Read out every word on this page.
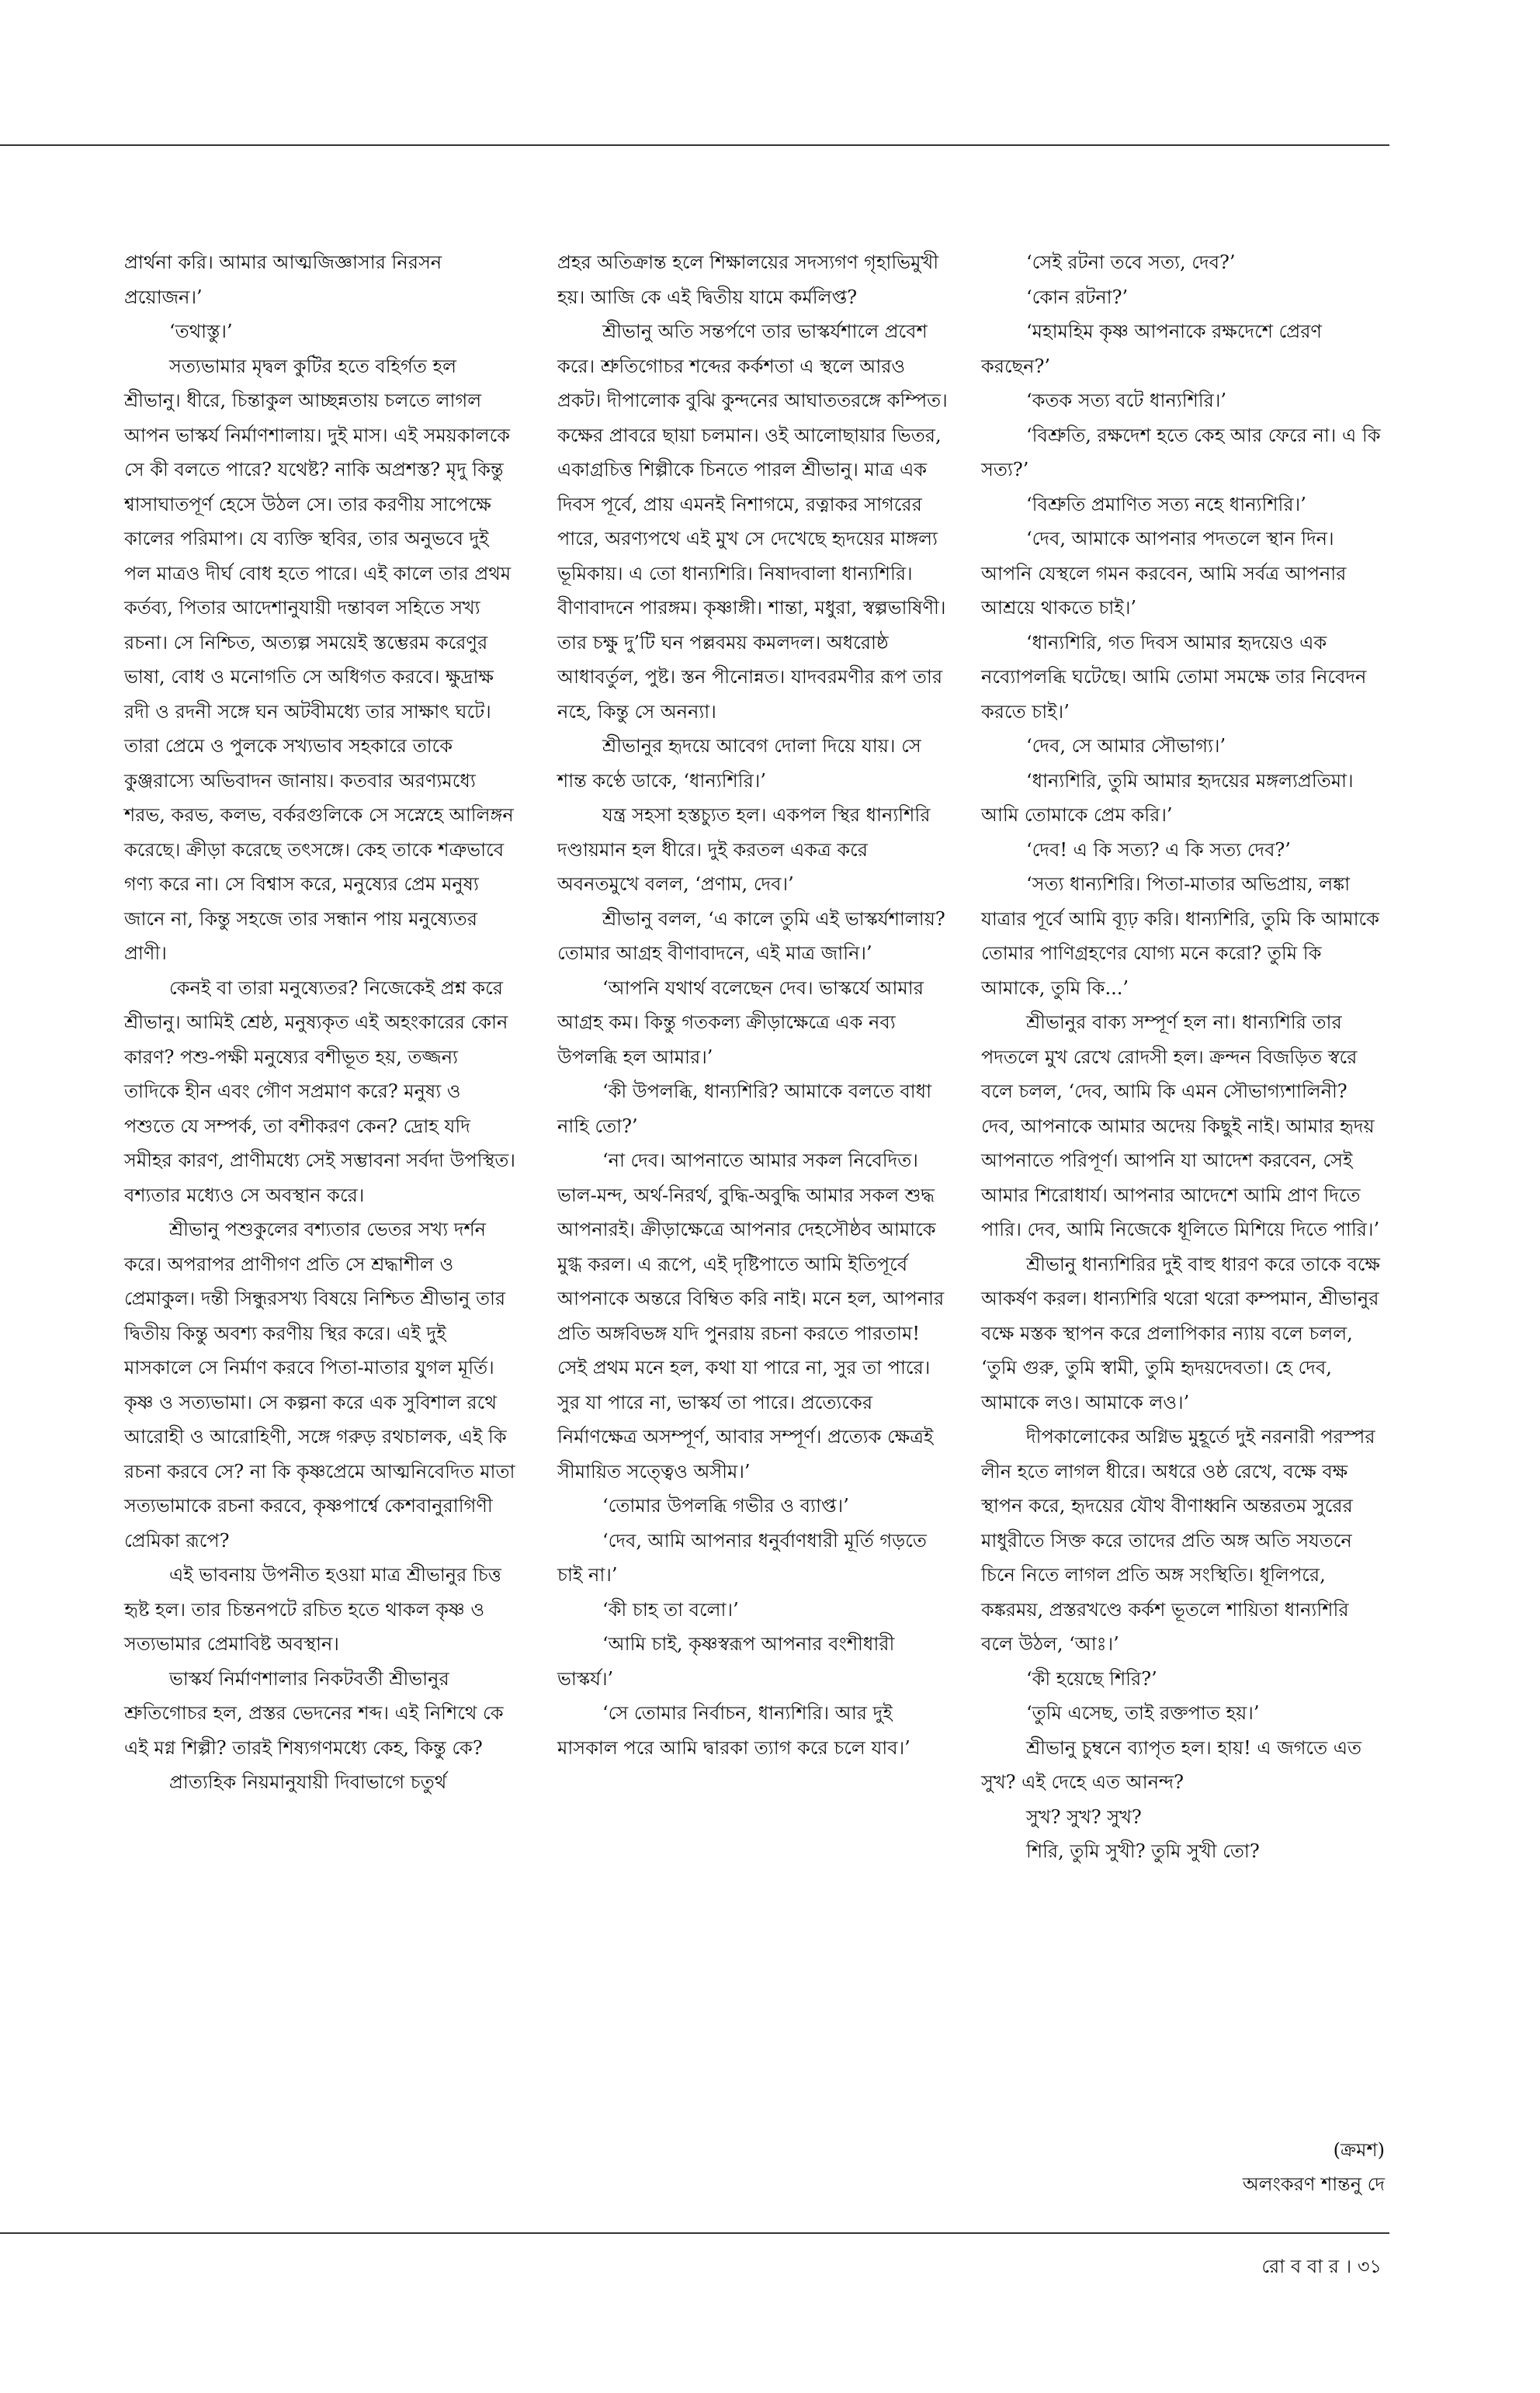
প্রার্থনা করি। আমার আত্মজিজ্ঞাসার নিরসন প্রয়োজন।’

‘তথাস্তু।’

সত্যভামার মৃদ্বল কুটির হতে বহির্গত হল শ্রীভানু। ধীরে, চিন্তাকুল আচ্ছন্নতায় চলতে লাগল আপন ভাস্কর্য নির্মাণশালায়। দুই মাস। এই সময়কালকে সে কী বলতে পারে? যথেষ্ট? নাকি অপ্রশস্ত? মৃদু কিন্তু শ্বাসাঘাতপূর্ণ হেসে উঠল সে। তার করণীয় সাপেক্ষে কালের পরিমাপ। যে ব্যক্তি স্থবির, তার অনুভবে দুই পল মাত্রও দীর্ঘ বোধ হতে পারে। এই কালে তার প্রথম কর্তব্য, পিতার আদেশানুযায়ী দন্তাবল সহিতে সখ্য রচনা। সে নিশ্চিত, অত্যল্প সময়েই স্তম্ভেরম করেণুর ভাষা, বোধ ও মনোগতি সে অধিগত করবে। ক্ষুদ্রাক্ষ রদী ও রদনী সঙ্গে ঘন অটবীমধ্যে তার সাক্ষাৎ ঘটে। তারা প্রেমে ও পুলকে সখ্যভাব সহকারে তাকে কুঞ্জরাস্যে অভিবাদন জানায়। কতবার অরণ্যমধ্যে শরভ, করভ, কলভ, বর্করগুলিকে সে সস্নেহে আলিঙ্গন করেছে। ক্রীড়া করেছে তৎসঙ্গে। কেহ তাকে শত্রুভাবে গণ্য করে না। সে বিশ্বাস করে, মনুষ্যের প্রেম মনুষ্য জানে না, কিন্তু সহজে তার সন্ধান পায় মনুষ্যেতর প্রাণী।

কেনই বা তারা মনুষ্যেতর? নিজেকেই প্রশ্ন করে শ্রীভানু। আমিই শ্রেষ্ঠ, মনুষ্যকৃত এই অহংকারের কোন কারণ? পশু-পক্ষী মনুষ্যের বশীভূত হয়, তজ্জন্য তাদিকে হীন এবং গৌণ সপ্রমাণ করে? মনুষ্য ও পশুতে যে সম্পর্ক, তা বশীকরণ কেন? দ্রোহ যদি সমীহর কারণ, প্রাণীমধ্যে সেই সম্ভাবনা সর্বদা উপস্থিত। বশ্যতার মধ্যেও সে অবস্থান করে।

শ্রীভানু পশুকুলের বশ্যতার ভেতর সখ্য দর্শন করে। অপরাপর প্রাণীগণ প্রতি সে শ্রদ্ধাশীল ও প্রেমাকুল। দন্তী সিন্ধুরসখ্য বিষয়ে নিশ্চিত শ্রীভানু তার দ্বিতীয় কিন্তু অবশ্য করণীয় স্থির করে। এই দুই মাসকালে সে নির্মাণ করবে পিতা-মাতার যুগল মূর্তি। কৃষ্ণ ও সত্যভামা। সে কল্পনা করে এক সুবিশাল রথে আরোহী ও আরোহিণী, সঙ্গে গরুড় রথচালক, এই কি রচনা করবে সে? না কি কৃষ্ণপ্রেমে আত্মনিবেদিত মাতা সত্যভামাকে রচনা করবে, কৃষ্ণপার্শ্বে কেশবানুরাগিণী প্রেমিকা রূপে?

এই ভাবনায় উপনীত হওয়া মাত্র শ্রীভানুর চিত্ত হৃষ্ট হল। তার চিন্তনপটে রচিত হতে থাকল কৃষ্ণ ও সত্যভামার প্রেমাবিষ্ট অবস্থান।

ভাস্কর্য নির্মাণশালার নিকটবর্তী শ্রীভানুর শ্রুতিগোচর হল, প্রস্তর ভেদনের শব্দ। এই নিশিথে কে এই মগ্ন শিল্পী? তারই শিষ্যগণমধ্যে কেহ, কিন্তু কে?

প্রাত্যহিক নিয়মানুযায়ী দিবাভাগে চতুর্থ

প্রহর অতিক্রান্ত হলে শিক্ষালয়ের সদস্যগণ গৃহাভিমুখী হয়। আজি কে এই দ্বিতীয় যামে কর্মলিপ্ত?

শ্রীভানু অতি সন্তর্পণে তার ভাস্কর্যশালে প্রবেশ করে। শ্রুতিগোচর শব্দের কর্কশতা এ স্থলে আরও প্রকট। দীপালোক বুঝি কুন্দনের আঘাততরঙ্গে কম্পিত। কক্ষের প্রাবরে ছায়া চলমান। ওই আলোছায়ার ভিতর, একাগ্রচিত্ত শিল্পীকে চিনতে পারল শ্রীভানু। মাত্র এক দিবস পূর্বে, প্রায় এমনই নিশাগমে, রত্নাকর সাগরের পারে, অরণ্যপথে এই মুখ সে দেখেছে হৃদয়ের মাঙ্গল্য ভূমিকায়। এ তো ধান্যশিরি। নিষাদবালা ধান্যশিরি। বীণাবাদনে পারঙ্গম। কৃষ্ণাঙ্গী। শান্তা, মধুরা, স্বল্পভাষিণী। তার চক্ষু দু’টি ঘন পল্লবময় কমলদল। অধরোষ্ঠ আধাবর্তুল, পুষ্ট। স্তন পীনোন্নত। যাদবরমণীর রূপ তার নহে, কিন্তু সে অনন্যা।

শ্রীভানুর হৃদয়ে আবেগ দোলা দিয়ে যায়। সে শান্ত কণ্ঠে ডাকে, ‘ধান্যশিরি।’

যন্ত্র সহসা হস্তচ্যুত হল। একপল স্থির ধান্যশিরি দণ্ডায়মান হল ধীরে। দুই করতল একত্র করে অবনতমুখে বলল, ‘প্রণাম, দেব।’

শ্রীভানু বলল, ‘এ কালে তুমি এই ভাস্কর্যশালায়? তোমার আগ্রহ বীণাবাদনে, এই মাত্র জানি।’

‘আপনি যথার্থ বলেছেন দেব। ভাস্কর্যে আমার আগ্রহ কম। কিন্তু গতকল্য ক্রীড়াক্ষেত্রে এক নব্য উপলব্ধি হল আমার।’

‘কী উপলব্ধি, ধান্যশিরি? আমাকে বলতে বাধা নাহি তো?’

‘না দেব। আপনাতে আমার সকল নিবেদিত। ভাল-মন্দ, অর্থ-নিরর্থ, বুদ্ধি-অবুদ্ধি আমার সকল শুদ্ধ আপনারই। ক্রীড়াক্ষেত্রে আপনার দেহসৌষ্ঠব আমাকে মুগ্ধ করল। এ রূপে, এই দৃষ্টিপাতে আমি ইতিপূর্বে আপনাকে অন্তরে বিম্বিত করি নাই। মনে হল, আপনার প্রতি অঙ্গবিভঙ্গ যদি পুনরায় রচনা করতে পারতাম! সেই প্রথম মনে হল, কথা যা পারে না, সুর তা পারে। সুর যা পারে না, ভাস্কর্য তা পারে। প্রত্যেকের নির্মাণক্ষেত্র অসম্পূর্ণ, আবার সম্পূর্ণ। প্রত্যেক ক্ষেত্রই সীমায়িত সত্ত্বেও অসীম।’

‘তোমার উপলব্ধি গভীর ও ব্যাপ্ত।’

‘দেব, আমি আপনার ধনুর্বাণধারী মূর্তি গড়তে চাই না।’

‘কী চাহ তা বলো।’

‘আমি চাই, কৃষ্ণস্বরূপ আপনার বংশীধারী ভাস্কর্য।’

‘সে তোমার নির্বাচন, ধান্যশিরি। আর দুই মাসকাল পরে আমি দ্বারকা ত্যাগ করে চলে যাব।’

‘সেই রটনা তবে সত্য, দেব?’

‘কোন রটনা?’

‘মহামহিম কৃষ্ণ আপনাকে রক্ষদেশে প্রেরণ করছেন?’

‘কতক সত্য বটে ধান্যশিরি।’

‘বিশ্রুতি, রক্ষদেশ হতে কেহ আর ফেরে না। এ কি সত্য?’

‘বিশ্রুতি প্রমাণিত সত্য নহে ধান্যশিরি।’

‘দেব, আমাকে আপনার পদতলে স্থান দিন। আপনি যেস্থলে গমন করবেন, আমি সর্বত্র আপনার আশ্রয়ে থাকতে চাই।’

‘ধান্যশিরি, গত দিবস আমার হৃদয়েও এক নব্যোপলব্ধি ঘটেছে। আমি তোমা সমক্ষে তার নিবেদন করতে চাই।’

‘দেব, সে আমার সৌভাগ্য।’

‘ধান্যশিরি, তুমি আমার হৃদয়ের মঙ্গল্যপ্রতিমা। আমি তোমাকে প্রেম করি।’

‘দেব! এ কি সত্য? এ কি সত্য দেব?’

‘সত্য ধান্যশিরি। পিতা-মাতার অভিপ্রায়, লঙ্কা যাত্রার পূর্বে আমি ব্যূঢ় করি। ধান্যশিরি, তুমি কি আমাকে তোমার পাণিগ্রহণের যোগ্য মনে করো? তুমি কি আমাকে, তুমি কি...’

শ্রীভানুর বাক্য সম্পূর্ণ হল না। ধান্যশিরি তার পদতলে মুখ রেখে রোদসী হল। ক্রন্দন বিজড়িত স্বরে বলে চলল, ‘দেব, আমি কি এমন সৌভাগ্যশালিনী? দেব, আপনাকে আমার অদেয় কিছুই নাই। আমার হৃদয় আপনাতে পরিপূর্ণ। আপনি যা আদেশ করবেন, সেই আমার শিরোধার্য। আপনার আদেশে আমি প্রাণ দিতে পারি। দেব, আমি নিজেকে ধূলিতে মিশিয়ে দিতে পারি।’

শ্রীভানু ধান্যশিরির দুই বাহু ধারণ করে তাকে বক্ষে আকর্ষণ করল। ধান্যশিরি থরো থরো কম্পমান, শ্রীভানুর বক্ষে মস্তক স্থাপন করে প্রলাপিকার ন্যায় বলে চলল, ‘তুমি গুরু, তুমি স্বামী, তুমি হৃদয়দেবতা। হে দেব, আমাকে লও। আমাকে লও।’

দীপকালোকের অগ্নিভ মুহূর্তে দুই নরনারী পরস্পর লীন হতে লাগল ধীরে। অধরে ওষ্ঠ রেখে, বক্ষে বক্ষ স্থাপন করে, হৃদয়ের যৌথ বীণাধ্বনি অন্তরতম সুরের মাধুরীতে সিক্ত করে তাদের প্রতি অঙ্গ অতি সযতনে চিনে নিতে লাগল প্রতি অঙ্গ সংস্থিতি। ধূলিপরে, কঙ্করময়, প্রস্তরখণ্ডে কর্কশ ভূতলে শায়িতা ধান্যশিরি বলে উঠল, ‘আঃ।’

‘কী হয়েছে শিরি?’

‘তুমি এসেছ, তাই রক্তপাত হয়।’

শ্রীভানু চুম্বনে ব্যাপৃত হল। হায়! এ জগতে এত সুখ? এই দেহে এত আনন্দ?

সুখ? সুখ? সুখ?

শিরি, তুমি সুখী? তুমি সুখী তো?

(ক্রমশ)

অলংকরণ শান্তনু দে

রো ব বা র । ৩১
